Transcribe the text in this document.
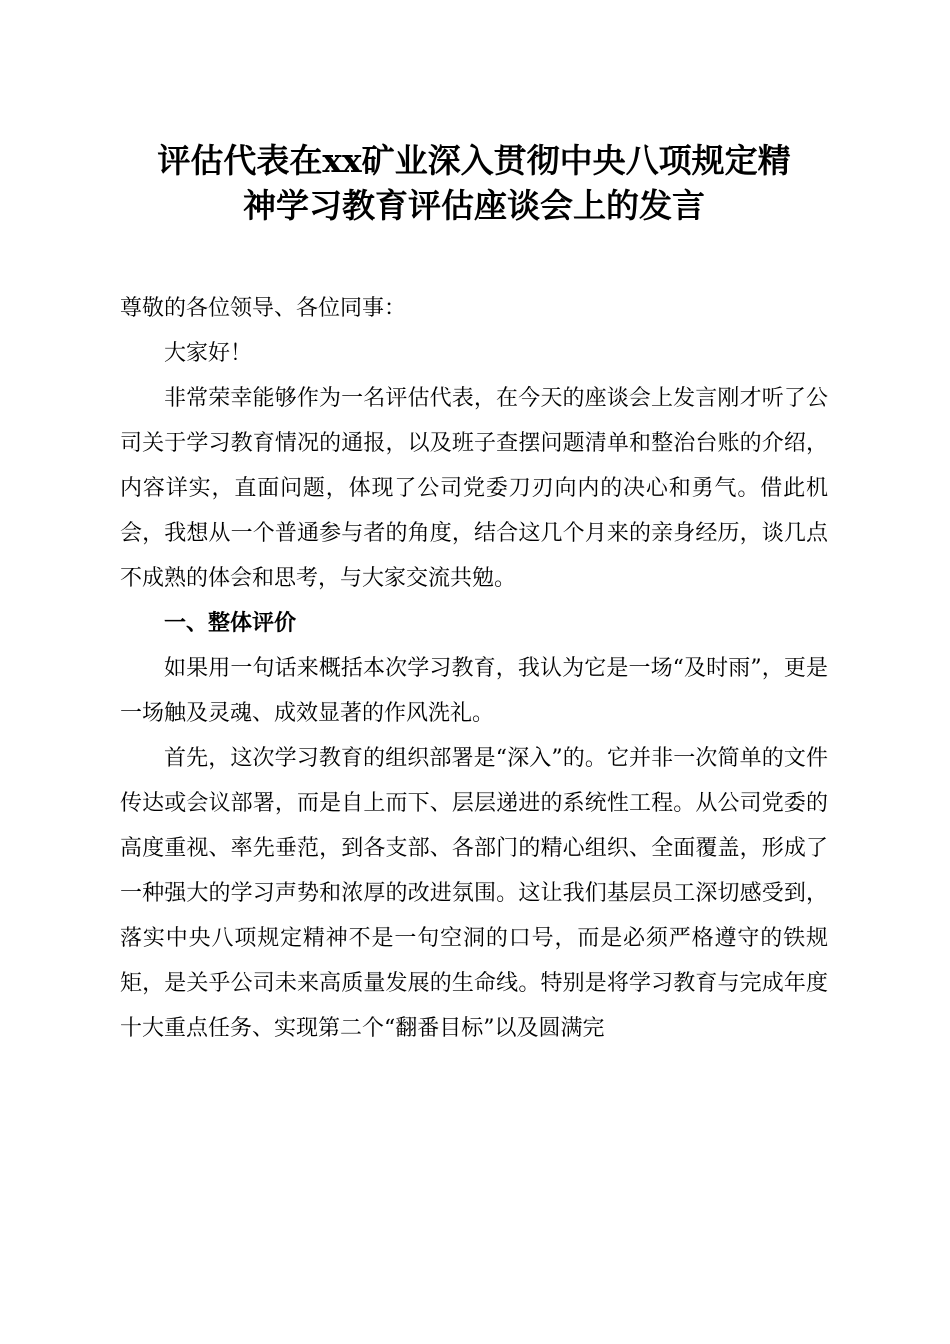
评估代表在xx矿业深入贯彻中央八项规定精
神学习教育评估座谈会上的发言

尊敬的各位领导、各位同事：

大家好！

非常荣幸能够作为一名评估代表，在今天的座谈会上发言刚才听了公司关于学习教育情况的通报，以及班子查摆问题清单和整治台账的介绍，内容详实，直面问题，体现了公司党委刀刃向内的决心和勇气。借此机会，我想从一个普通参与者的角度，结合这几个月来的亲身经历，谈几点不成熟的体会和思考，与大家交流共勉。

一、整体评价

如果用一句话来概括本次学习教育，我认为它是一场“及时雨”，更是一场触及灵魂、成效显著的作风洗礼。

首先，这次学习教育的组织部署是“深入”的。它并非一次简单的文件传达或会议部署，而是自上而下、层层递进的系统性工程。从公司党委的高度重视、率先垂范，到各支部、各部门的精心组织、全面覆盖，形成了一种强大的学习声势和浓厚的改进氛围。这让我们基层员工深切感受到，落实中央八项规定精神不是一句空洞的口号，而是必须严格遵守的铁规矩，是关乎公司未来高质量发展的生命线。特别是将学习教育与完成年度十大重点任务、实现第二个“翻番目标”以及圆满完
